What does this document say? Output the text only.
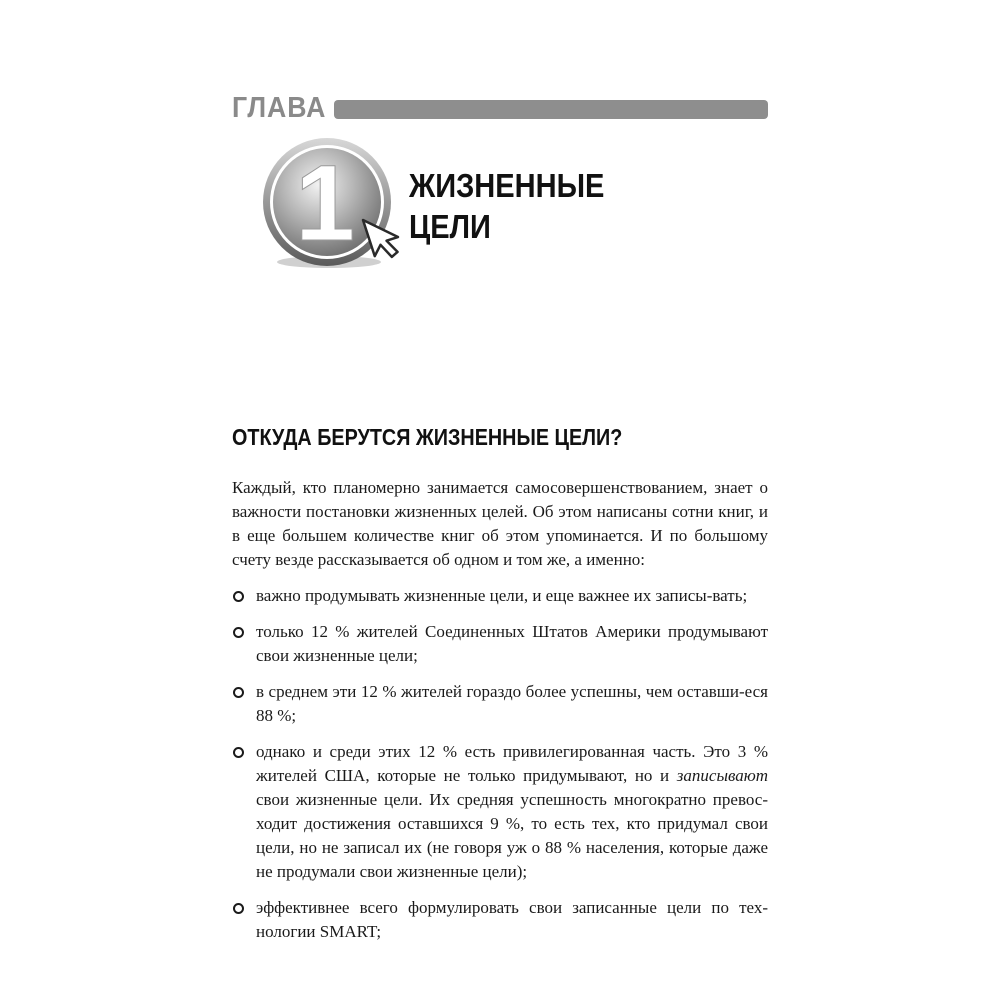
ГЛАВА
1 ЖИЗНЕННЫЕ
ЦЕЛИ
ОТКУДА БЕРУТСЯ ЖИЗНЕННЫЕ ЦЕЛИ?

Каждый, кто планомерно занимается самосовершенствованием, знает о важности постановки жизненных целей. Об этом написаны сотни книг, и в еще большем количестве книг об этом упоминается. И по большому счету везде рассказывается об одном и том же, а именно:

важно продумывать жизненные цели, и еще важнее их записы-вать;
только 12 % жителей Соединенных Штатов Америки продумывают свои жизненные цели;
в среднем эти 12 % жителей гораздо более успешны, чем оставши-еся 88 %;
однако и среди этих 12 % есть привилегированная часть. Это 3 % жителей США, которые не только придумывают, но и записывают свои жизненные цели. Их средняя успешность многократно превос-ходит достижения оставшихся 9 %, то есть тех, кто придумал свои цели, но не записал их (не говоря уж о 88 % населения, которые даже не продумали свои жизненные цели);
эффективнее всего формулировать свои записанные цели по тех-нологии SMART;
